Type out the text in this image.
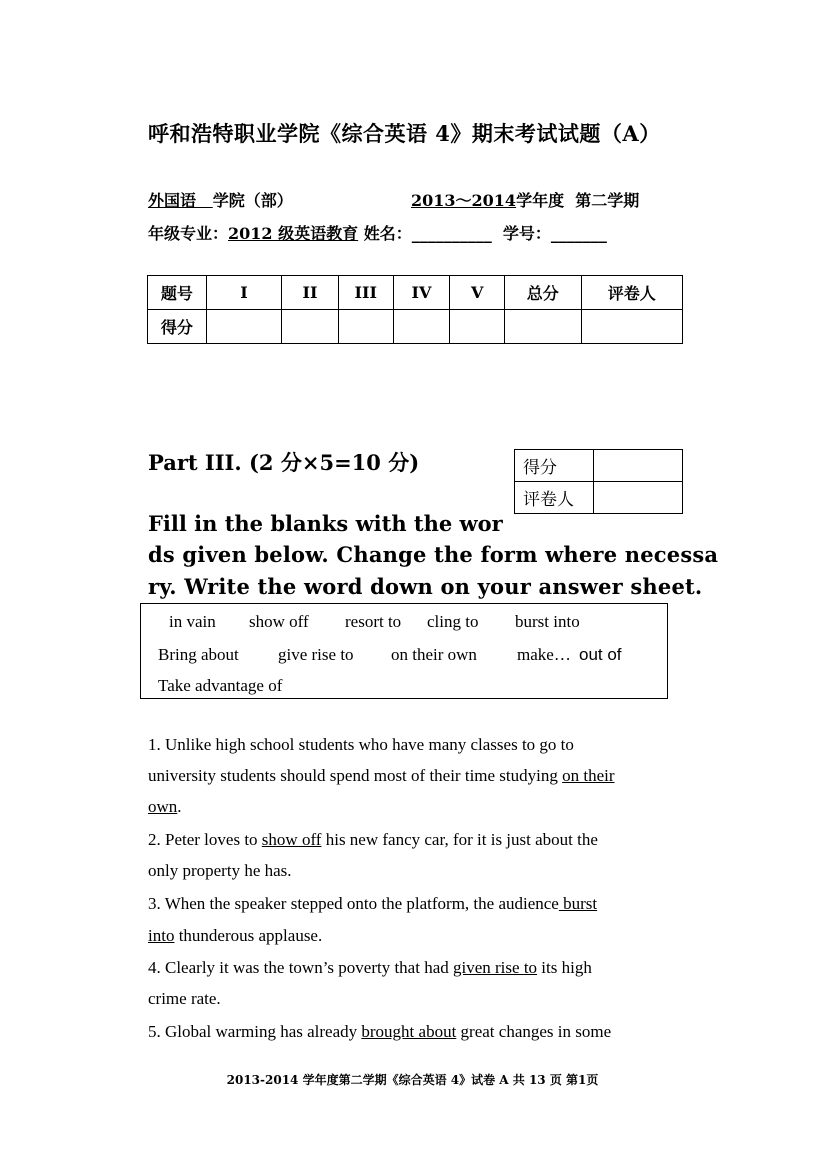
呼和浩特职业学院《综合英语 4》期末考试试题（A）
外国语 学院（部）	2013～2014学年度 第二学期
年级专业：2012 级英语教育 姓名：__________ 学号：_______
题号	I	II	III	IV	V	总分	评卷人
得分							
Part III. (2 分×5=10 分)	得分	
评卷人	
Fill in the blanks with the wor
ds given below. Change the form where necessa
ry. Write the word down on your answer sheet.
in vain show off resort to cling to burst into
Bring about give rise to on their own make… out of
Take advantage of
1. Unlike high school students who have many classes to go to
university students should spend most of their time studying on their
own.
2. Peter loves to show off his new fancy car, for it is just about the
only property he has.
3. When the speaker stepped onto the platform, the audience burst
into thunderous applause.
4. Clearly it was the town’s poverty that had given rise to its high
crime rate.
5. Global warming has already brought about great changes in some
2013-2014 学年度第二学期《综合英语 4》试卷 A 共 13 页 第1页
